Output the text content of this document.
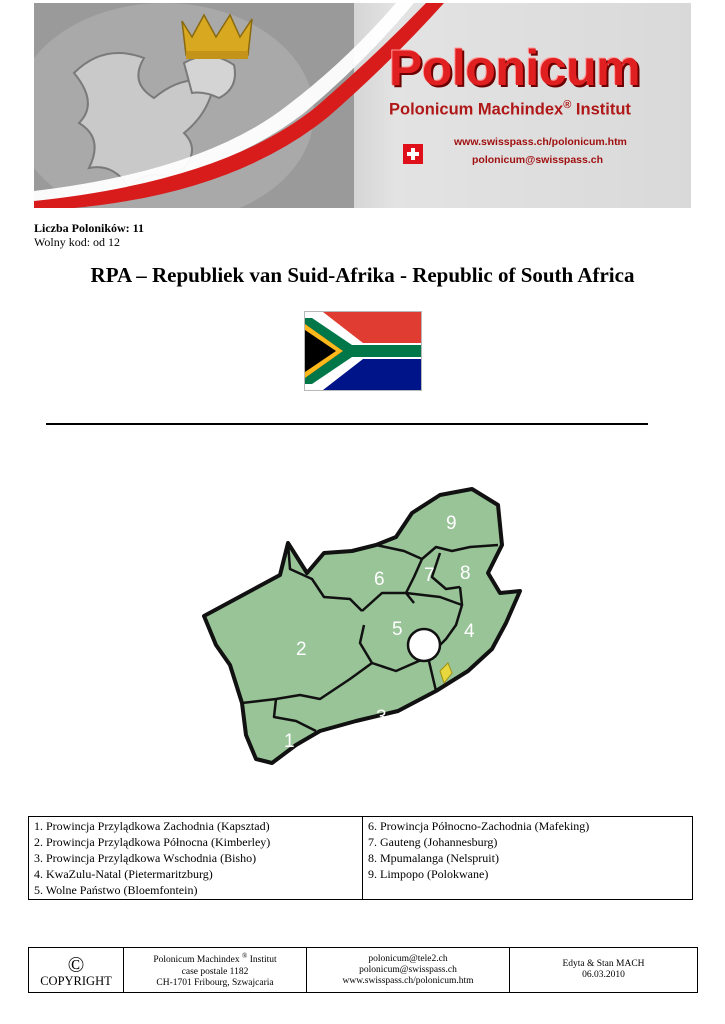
Polonicum
Polonicum Machindex® Institut
www.swisspass.ch/polonicum.htm
polonicum@swisspass.ch
Liczba Poloników: 11
Wolny kod: od 12
RPA – Republiek van Suid-Afrika - Republic of South Africa
1
2
3
4
5
6 7 8
9
1. Prowincja Przylądkowa Zachodnia (Kapsztad)
2. Prowincja Przylądkowa Północna (Kimberley)
3. Prowincja Przylądkowa Wschodnia (Bisho)
4. KwaZulu-Natal (Pietermaritzburg)
5. Wolne Państwo (Bloemfontein)

6. Prowincja Północno-Zachodnia (Mafeking)
7. Gauteng (Johannesburg)
8. Mpumalanga (Nelspruit)
9. Limpopo (Polokwane)
©
COPYRIGHT

Polonicum Machindex ® Institut
case postale 1182
CH-1701 Fribourg, Szwajcaria

polonicum@tele2.ch
polonicum@swisspass.ch
www.swisspass.ch/polonicum.htm

Edyta & Stan MACH
06.03.2010
